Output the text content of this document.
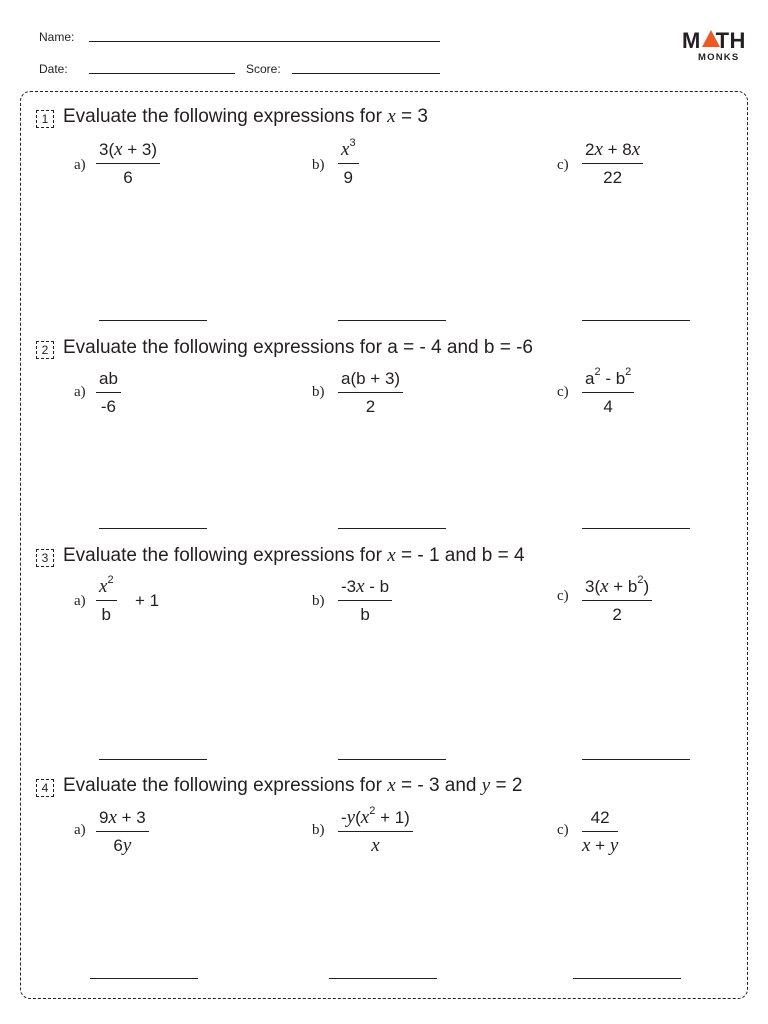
Name:
Date:	Score:
M TH
MONKS
1 Evaluate the following expressions for x = 3
a)
3(x + 3)
6
b)
$x^3$
9
c)
2x + 8x
22
2 Evaluate the following expressions for a = - 4 and b = -6
a)
ab
-6
b)
a(b + 3)
2
c)
$a^2 - b^2$
4
3 Evaluate the following expressions for x = - 1 and b = 4
a)
$x^2$
b
+ 1	b)
-3x - b
b
c) $3(x + b^2)$
2
4 Evaluate the following expressions for x = - 3 and y = 2
a)
9x + 3
6y
b)
$-y(x^2 + 1)$
x
c)
42
x + y
